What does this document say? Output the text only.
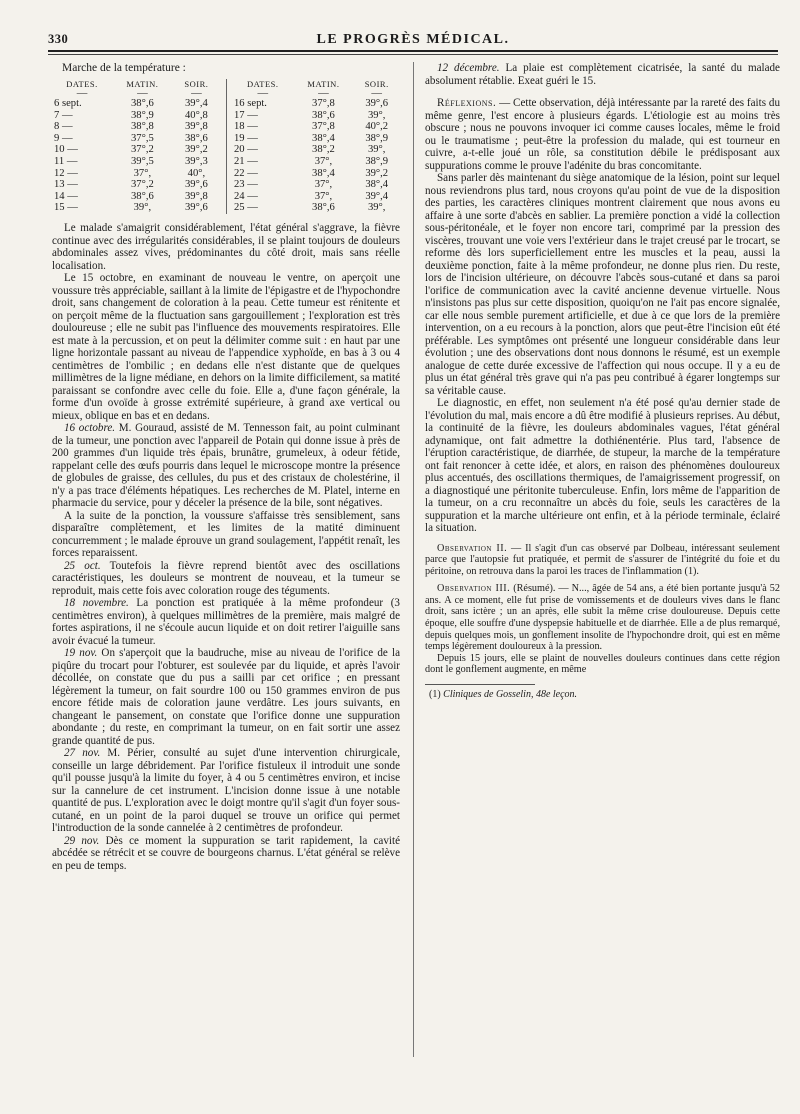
330	LE PROGRÈS MÉDICAL.
Marche de la température :
DATES.	MATIN.	SOIR.
—	—	—
6 sept.	38°,6	39°,4
7 —	38°,9	40°,8
8 —	38°,8	39°,8
9 —	37°,5	38°,6
10 —	37°,2	39°,2
11 —	39°,5	39°,3
12 —	37°,	40°,
13 —	37°,2	39°,6
14 —	38°,6	39°,8
15 —	39°,	39°,6
DATES.	MATIN.	SOIR.
—	—	—
16 sept.	37°,8	39°,6
17 —	38°,6	39°,
18 —	37°,8	40°,2
19 —	38°,4	38°,9
20 —	38°,2	39°,
21 —	37°,	38°,9
22 —	38°,4	39°,2
23 —	37°,	38°,4
24 —	37°,	39°,4
25 —	38°,6	39°,

Le malade s'amaigrit considérablement, l'état général s'aggrave, la fièvre continue avec des irrégularités considérables, il se plaint toujours de douleurs abdominales assez vives, prédominantes du côté droit, mais sans réelle localisation.

Le 15 octobre, en examinant de nouveau le ventre, on aperçoit une voussure très appréciable, saillant à la limite de l'épigastre et de l'hypochondre droit, sans changement de coloration à la peau. Cette tumeur est rénitente et on perçoit même de la fluctuation sans gargouillement ; l'exploration est très douloureuse ; elle ne subit pas l'influence des mouvements respiratoires. Elle est mate à la percussion, et on peut la délimiter comme suit : en haut par une ligne horizontale passant au niveau de l'appendice xyphoïde, en bas à 3 ou 4 centimètres de l'ombilic ; en dedans elle n'est distante que de quelques millimètres de la ligne médiane, en dehors on la limite difficilement, sa matité paraissant se confondre avec celle du foie. Elle a, d'une façon générale, la forme d'un ovoïde à grosse extrémité supérieure, à grand axe vertical ou mieux, oblique en bas et en dedans.

16 octobre. M. Gouraud, assisté de M. Tennesson fait, au point culminant de la tumeur, une ponction avec l'appareil de Potain qui donne issue à près de 200 grammes d'un liquide très épais, brunâtre, grumeleux, à odeur fétide, rappelant celle des œufs pourris dans lequel le microscope montre la présence de globules de graisse, des cellules, du pus et des cristaux de cholestérine, il n'y a pas trace d'éléments hépatiques. Les recherches de M. Platel, interne en pharmacie du service, pour y déceler la présence de la bile, sont négatives.

A la suite de la ponction, la voussure s'affaisse très sensiblement, sans disparaître complètement, et les limites de la matité diminuent concurremment ; le malade éprouve un grand soulagement, l'appétit renaît, les forces reparaissent.

25 oct. Toutefois la fièvre reprend bientôt avec des oscillations caractéristiques, les douleurs se montrent de nouveau, et la tumeur se reproduit, mais cette fois avec coloration rouge des téguments.

18 novembre. La ponction est pratiquée à la même profondeur (3 centimètres environ), à quelques millimètres de la première, mais malgré de fortes aspirations, il ne s'écoule aucun liquide et on doit retirer l'aiguille sans avoir évacué la tumeur.

19 nov. On s'aperçoit que la baudruche, mise au niveau de l'orifice de la piqûre du trocart pour l'obturer, est soulevée par du liquide, et après l'avoir décollée, on constate que du pus a sailli par cet orifice ; en pressant légèrement la tumeur, on fait sourdre 100 ou 150 grammes environ de pus encore fétide mais de coloration jaune verdâtre. Les jours suivants, en changeant le pansement, on constate que l'orifice donne une suppuration abondante ; du reste, en comprimant la tumeur, on en fait sortir une assez grande quantité de pus.

27 nov. M. Périer, consulté au sujet d'une intervention chirurgicale, conseille un large débridement. Par l'orifice fistuleux il introduit une sonde qu'il pousse jusqu'à la limite du foyer, à 4 ou 5 centimètres environ, et incise sur la cannelure de cet instrument. L'incision donne issue à une notable quantité de pus. L'exploration avec le doigt montre qu'il s'agit d'un foyer sous-cutané, en un point de la paroi duquel se trouve un orifice qui permet l'introduction de la sonde cannelée à 2 centimètres de profondeur.

29 nov. Dès ce moment la suppuration se tarit rapidement, la cavité abcédée se rétrécit et se couvre de bourgeons charnus. L'état général se relève en peu de temps.

12 décembre. La plaie est complètement cicatrisée, la santé du malade absolument rétablie. Exeat guéri le 15.

Réflexions. — Cette observation, déjà intéressante par la rareté des faits du même genre, l'est encore à plusieurs égards. L'étiologie est au moins très obscure ; nous ne pouvons invoquer ici comme causes locales, même le froid ou le traumatisme ; peut-être la profession du malade, qui est tourneur en cuivre, a-t-elle joué un rôle, sa constitution débile le prédisposant aux suppurations comme le prouve l'adénite du bras concomitante.

Sans parler dès maintenant du siège anatomique de la lésion, point sur lequel nous reviendrons plus tard, nous croyons qu'au point de vue de la disposition des parties, les caractères cliniques montrent clairement que nous avons eu affaire à une sorte d'abcès en sablier. La première ponction a vidé la collection sous-péritonéale, et le foyer non encore tari, comprimé par la pression des viscères, trouvant une voie vers l'extérieur dans le trajet creusé par le trocart, se reforme dès lors superficiellement entre les muscles et la peau, aussi la deuxième ponction, faite à la même profondeur, ne donne plus rien. Du reste, lors de l'incision ultérieure, on découvre l'abcès sous-cutané et dans sa paroi l'orifice de communication avec la cavité ancienne devenue virtuelle. Nous n'insistons pas plus sur cette disposition, quoiqu'on ne l'ait pas encore signalée, car elle nous semble purement artificielle, et due à ce que lors de la première intervention, on a eu recours à la ponction, alors que peut-être l'incision eût été préférable. Les symptômes ont présenté une longueur considérable dans leur évolution ; une des observations dont nous donnons le résumé, est un exemple analogue de cette durée excessive de l'affection qui nous occupe. Il y a eu de plus un état général très grave qui n'a pas peu contribué à égarer longtemps sur sa véritable cause.

Le diagnostic, en effet, non seulement n'a été posé qu'au dernier stade de l'évolution du mal, mais encore a dû être modifié à plusieurs reprises. Au début, la continuité de la fièvre, les douleurs abdominales vagues, l'état général adynamique, ont fait admettre la dothiénentérie. Plus tard, l'absence de l'éruption caractéristique, de diarrhée, de stupeur, la marche de la température ont fait renoncer à cette idée, et alors, en raison des phénomènes douloureux plus accentués, des oscillations thermiques, de l'amaigrissement progressif, on a diagnostiqué une péritonite tuberculeuse. Enfin, lors même de l'apparition de la tumeur, on a cru reconnaître un abcès du foie, seuls les caractères de la suppuration et la marche ultérieure ont enfin, et à la période terminale, éclairé la situation.

Observation II. — Il s'agit d'un cas observé par Dolbeau, intéressant seulement parce que l'autopsie fut pratiquée, et permit de s'assurer de l'intégrité du foie et du péritoine, on retrouva dans la paroi les traces de l'inflammation (1).

Observation III. (Résumé). — N..., âgée de 54 ans, a été bien portante jusqu'à 52 ans. A ce moment, elle fut prise de vomissements et de douleurs vives dans le flanc droit, sans ictère ; un an après, elle subit la même crise douloureuse. Depuis cette époque, elle souffre d'une dyspepsie habituelle et de diarrhée. Elle a de plus remarqué, depuis quelques mois, un gonflement insolite de l'hypochondre droit, qui est en même temps légèrement douloureux à la pression.

Depuis 15 jours, elle se plaint de nouvelles douleurs continues dans cette région dont le gonflement augmente, en même

(1) Cliniques de Gosselin, 48e leçon.
